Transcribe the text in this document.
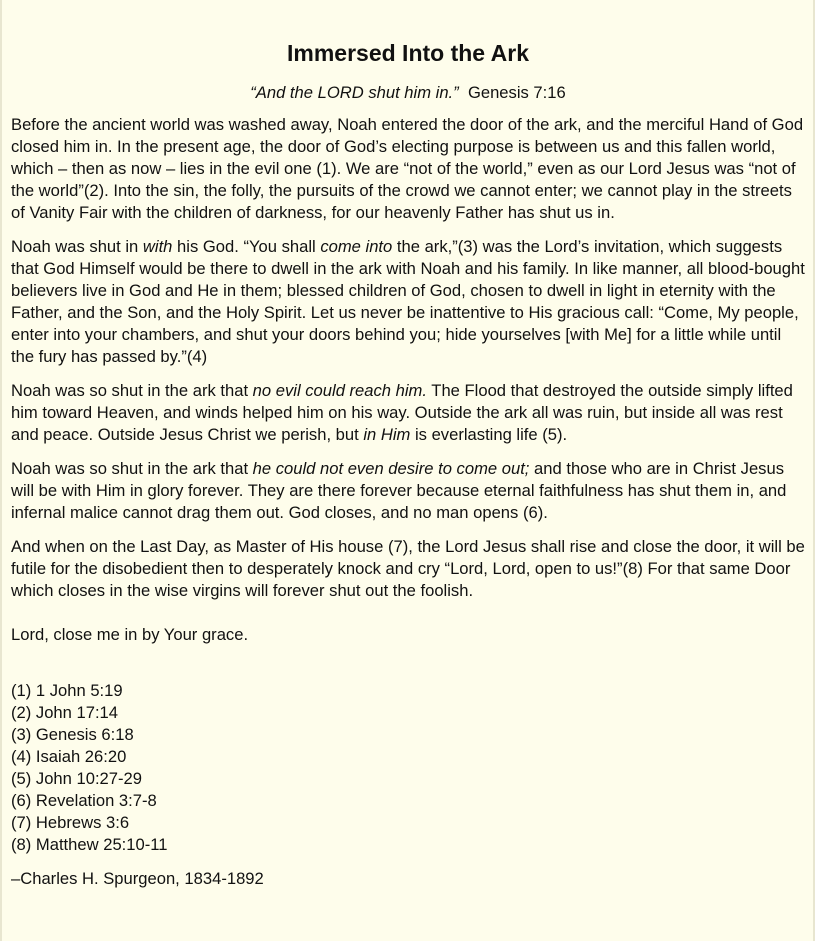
Immersed Into the Ark
“And the LORD shut him in.” Genesis 7:16

Before the ancient world was washed away, Noah entered the door of the ark, and the merciful Hand of God closed him in. In the present age, the door of God’s electing purpose is between us and this fallen world, which – then as now – lies in the evil one (1). We are “not of the world,” even as our Lord Jesus was “not of the world”(2). Into the sin, the folly, the pursuits of the crowd we cannot enter; we cannot play in the streets of Vanity Fair with the children of darkness, for our heavenly Father has shut us in.

Noah was shut in with his God. “You shall come into the ark,”(3) was the Lord’s invitation, which suggests that God Himself would be there to dwell in the ark with Noah and his family. In like manner, all blood-bought believers live in God and He in them; blessed children of God, chosen to dwell in light in eternity with the Father, and the Son, and the Holy Spirit. Let us never be inattentive to His gracious call: “Come, My people, enter into your chambers, and shut your doors behind you; hide yourselves [with Me] for a little while until the fury has passed by.”(4)

Noah was so shut in the ark that no evil could reach him. The Flood that destroyed the outside simply lifted him toward Heaven, and winds helped him on his way. Outside the ark all was ruin, but inside all was rest and peace. Outside Jesus Christ we perish, but in Him is everlasting life (5).

Noah was so shut in the ark that he could not even desire to come out; and those who are in Christ Jesus will be with Him in glory forever. They are there forever because eternal faithfulness has shut them in, and infernal malice cannot drag them out. God closes, and no man opens (6).

And when on the Last Day, as Master of His house (7), the Lord Jesus shall rise and close the door, it will be futile for the disobedient then to desperately knock and cry “Lord, Lord, open to us!”(8) For that same Door which closes in the wise virgins will forever shut out the foolish.

Lord, close me in by Your grace.

(1) 1 John 5:19
(2) John 17:14
(3) Genesis 6:18
(4) Isaiah 26:20
(5) John 10:27-29
(6) Revelation 3:7-8
(7) Hebrews 3:6
(8) Matthew 25:10-11

–Charles H. Spurgeon, 1834-1892
